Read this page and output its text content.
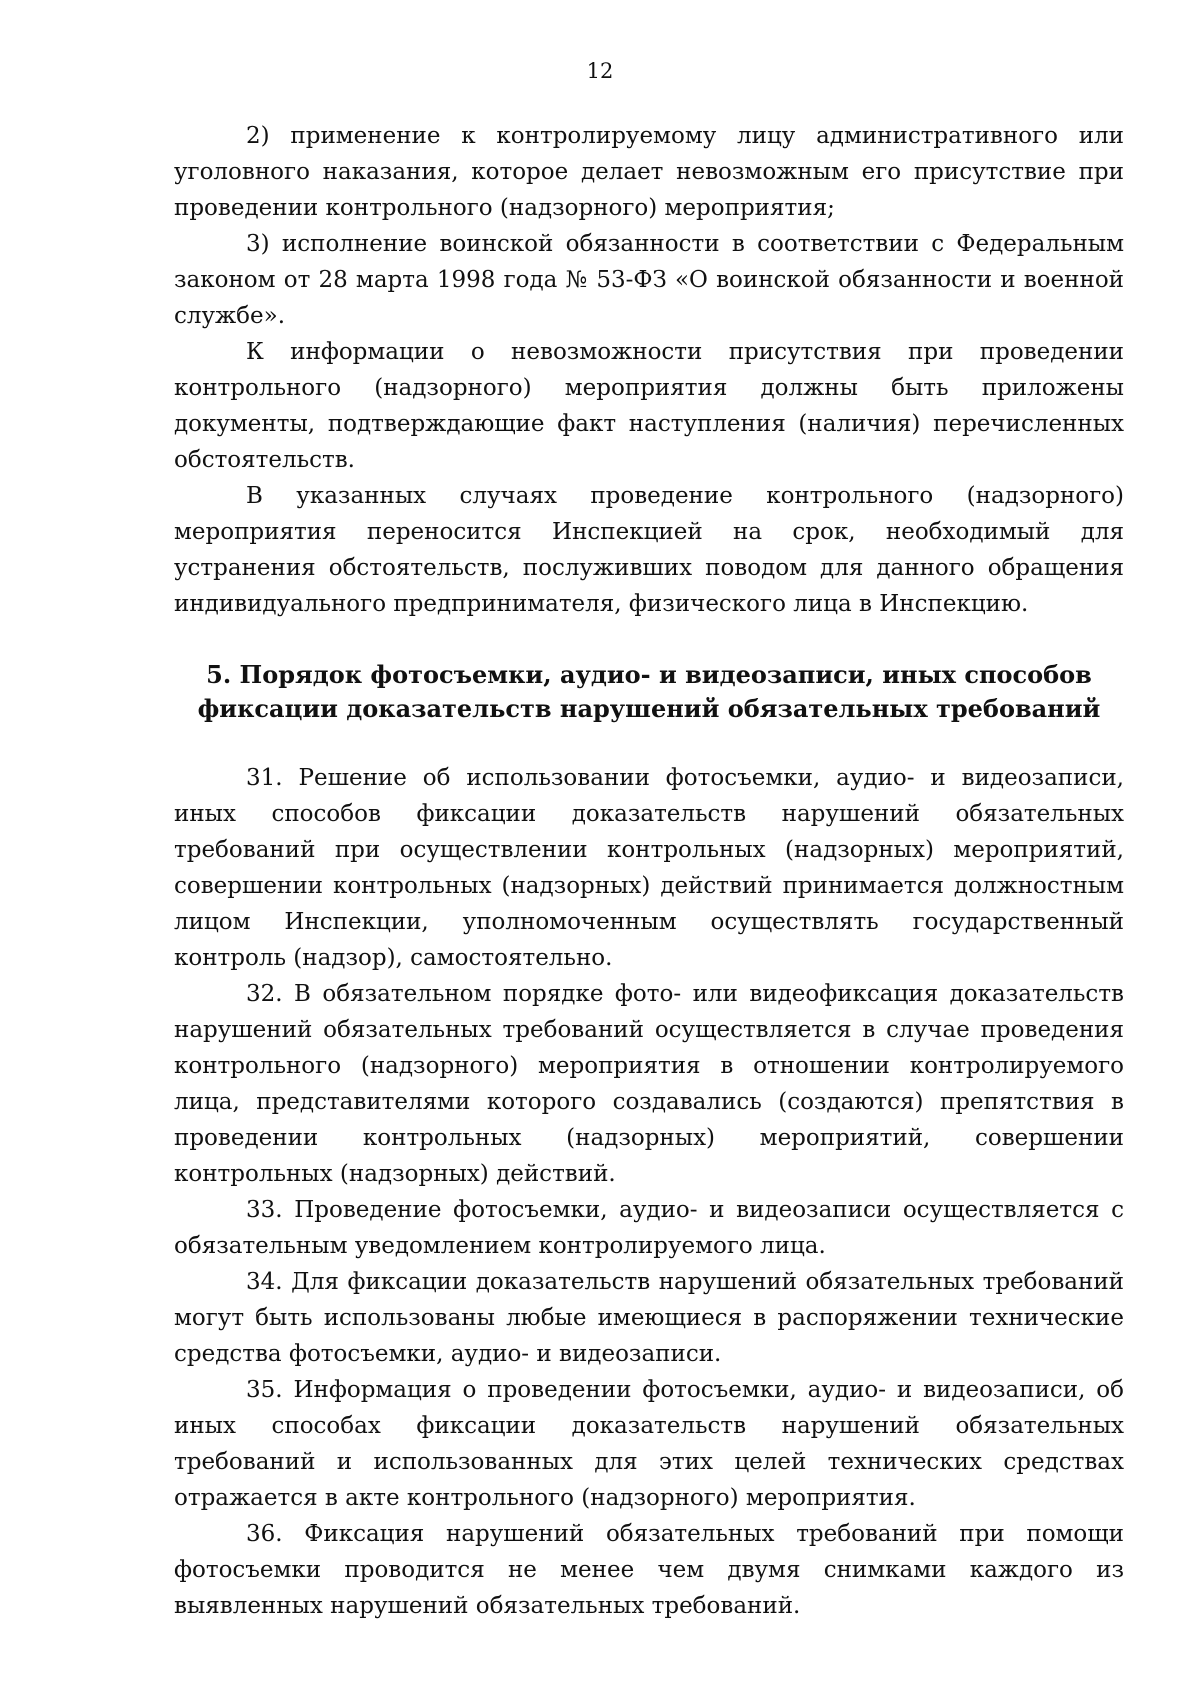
12

2) применение к контролируемому лицу административного или уголовного наказания, которое делает невозможным его присутствие при проведении контрольного (надзорного) мероприятия;

3) исполнение воинской обязанности в соответствии с Федеральным законом от 28 марта 1998 года № 53-ФЗ «О воинской обязанности и военной службе».

К информации о невозможности присутствия при проведении контрольного (надзорного) мероприятия должны быть приложены документы, подтверждающие факт наступления (наличия) перечисленных обстоятельств.

В указанных случаях проведение контрольного (надзорного) мероприятия переносится Инспекцией на срок, необходимый для устранения обстоятельств, послуживших поводом для данного обращения индивидуального предпринимателя, физического лица в Инспекцию.

5. Порядок фотосъемки, аудио- и видеозаписи, иных способов
фиксации доказательств нарушений обязательных требований

31. Решение об использовании фотосъемки, аудио- и видеозаписи, иных способов фиксации доказательств нарушений обязательных требований при осуществлении контрольных (надзорных) мероприятий, совершении контрольных (надзорных) действий принимается должностным лицом Инспекции, уполномоченным осуществлять государственный контроль (надзор), самостоятельно.

32. В обязательном порядке фото- или видеофиксация доказательств нарушений обязательных требований осуществляется в случае проведения контрольного (надзорного) мероприятия в отношении контролируемого лица, представителями которого создавались (создаются) препятствия в проведении контрольных (надзорных) мероприятий, совершении контрольных (надзорных) действий.

33. Проведение фотосъемки, аудио- и видеозаписи осуществляется с обязательным уведомлением контролируемого лица.

34. Для фиксации доказательств нарушений обязательных требований могут быть использованы любые имеющиеся в распоряжении технические средства фотосъемки, аудио- и видеозаписи.

35. Информация о проведении фотосъемки, аудио- и видеозаписи, об иных способах фиксации доказательств нарушений обязательных требований и использованных для этих целей технических средствах отражается в акте контрольного (надзорного) мероприятия.

36. Фиксация нарушений обязательных требований при помощи фотосъемки проводится не менее чем двумя снимками каждого из выявленных нарушений обязательных требований.
